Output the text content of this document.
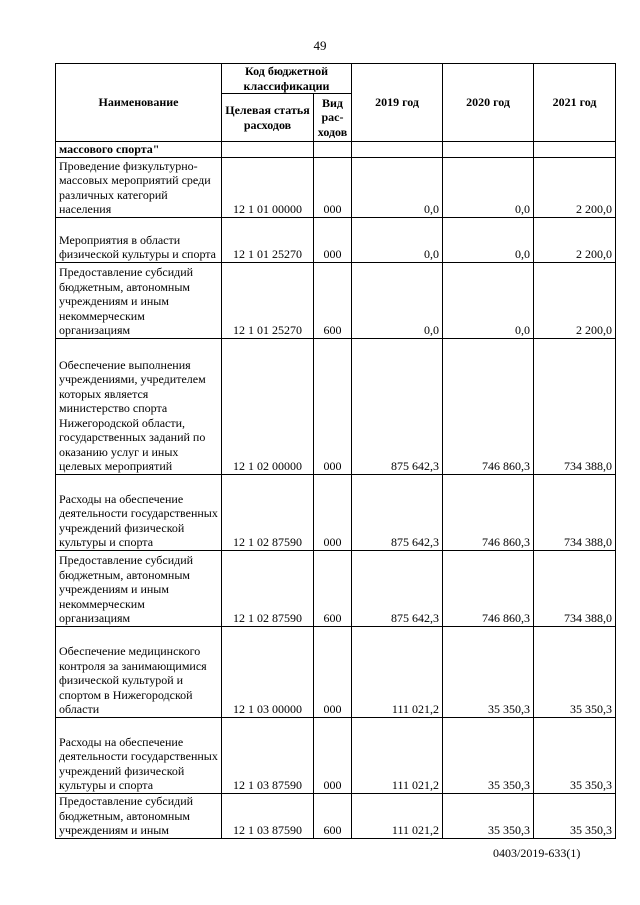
49
Наименование	Код бюджетной классификации		2019 год	2020 год	2021 год
	Целевая статья расходов	Вид рас-ходов			
массового спорта"					
Проведение физкультурно-массовых мероприятий среди различных категорий населения	12 1 01 00000	000	0,0	0,0	2 200,0
Мероприятия в области физической культуры и спорта	12 1 01 25270	000	0,0	0,0	2 200,0
Предоставление субсидий бюджетным, автономным учреждениям и иным некоммерческим организациям	12 1 01 25270	600	0,0	0,0	2 200,0
Обеспечение выполнения учреждениями, учредителем которых является министерство спорта Нижегородской области, государственных заданий по оказанию услуг и иных целевых мероприятий	12 1 02 00000	000	875 642,3	746 860,3	734 388,0
Расходы на обеспечение деятельности государственных учреждений физической культуры и спорта	12 1 02 87590	000	875 642,3	746 860,3	734 388,0
Предоставление субсидий бюджетным, автономным учреждениям и иным некоммерческим организациям	12 1 02 87590	600	875 642,3	746 860,3	734 388,0
Обеспечение медицинского контроля за занимающимися физической культурой и спортом в Нижегородской области	12 1 03 00000	000	111 021,2	35 350,3	35 350,3
Расходы на обеспечение деятельности государственных учреждений физической культуры и спорта	12 1 03 87590	000	111 021,2	35 350,3	35 350,3
Предоставление субсидий бюджетным, автономным учреждениям и иным	12 1 03 87590	600	111 021,2	35 350,3	35 350,3
0403/2019-633(1)
